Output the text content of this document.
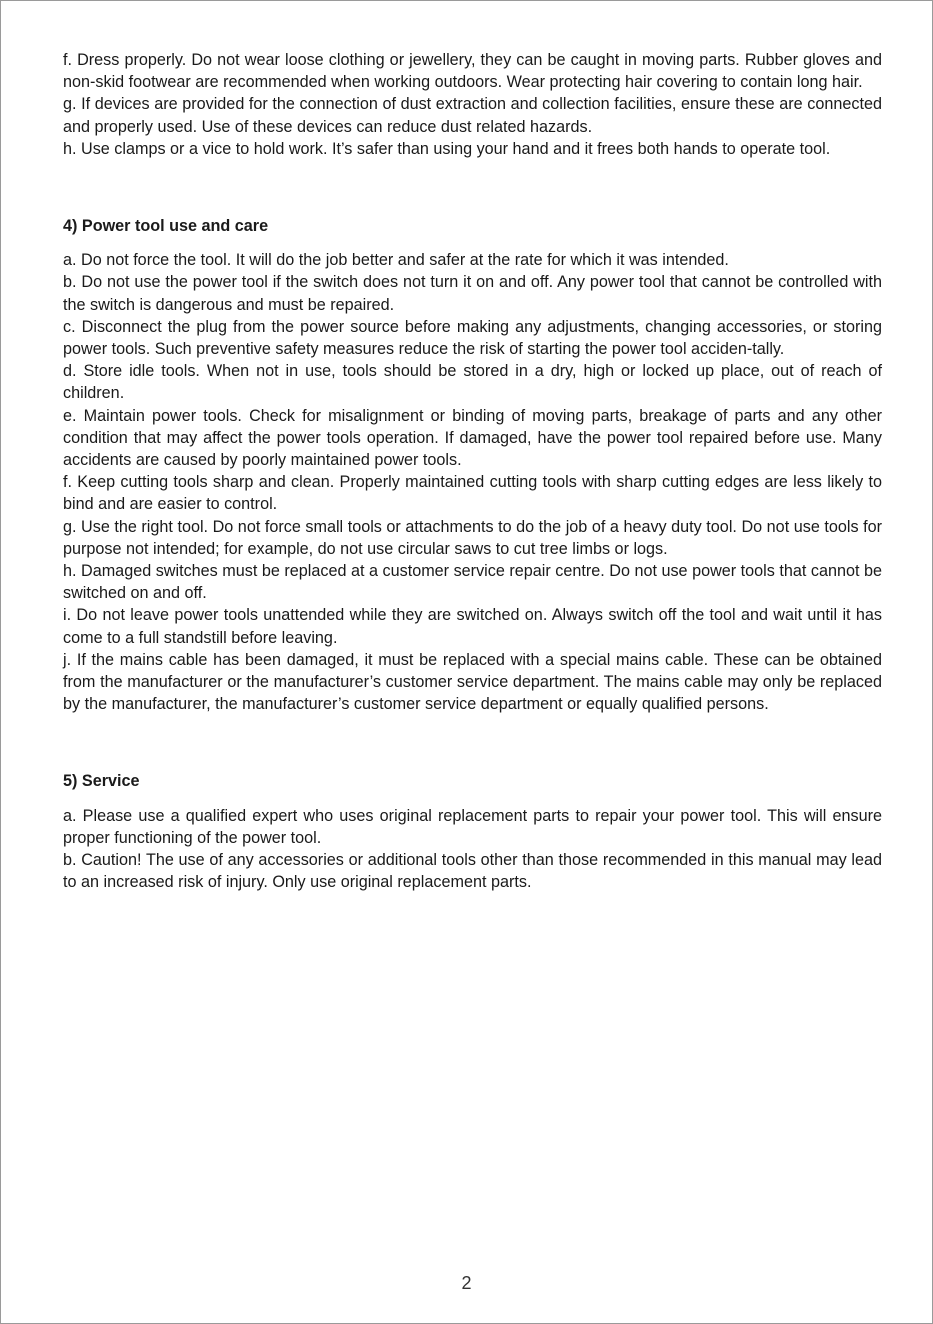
f. Dress properly. Do not wear loose clothing or jewellery, they can be caught in moving parts. Rubber gloves and non-skid footwear are recommended when working outdoors. Wear protecting hair covering to contain long hair.

g. If devices are provided for the connection of dust extraction and collection facilities, ensure these are connected and properly used. Use of these devices can reduce dust related hazards.

h. Use clamps or a vice to hold work. It’s safer than using your hand and it frees both hands to operate tool.

4) Power tool use and care

a. Do not force the tool. It will do the job better and safer at the rate for which it was intended.

b. Do not use the power tool if the switch does not turn it on and off. Any power tool that cannot be controlled with the switch is dangerous and must be repaired.

c. Disconnect the plug from the power source before making any adjustments, changing accessories, or storing power tools. Such preventive safety measures reduce the risk of starting the power tool acciden-tally.

d. Store idle tools. When not in use, tools should be stored in a dry, high or locked up place, out of reach of children.

e. Maintain power tools. Check for misalignment or binding of moving parts, breakage of parts and any other condition that may affect the power tools operation. If damaged, have the power tool repaired before use. Many accidents are caused by poorly maintained power tools.

f. Keep cutting tools sharp and clean. Properly maintained cutting tools with sharp cutting edges are less likely to bind and are easier to control.

g. Use the right tool. Do not force small tools or attachments to do the job of a heavy duty tool. Do not use tools for purpose not intended; for example, do not use circular saws to cut tree limbs or logs.

h. Damaged switches must be replaced at a customer service repair centre. Do not use power tools that cannot be switched on and off.

i. Do not leave power tools unattended while they are switched on. Always switch off the tool and wait until it has come to a full standstill before leaving.

j. If the mains cable has been damaged, it must be replaced with a special mains cable. These can be obtained from the manufacturer or the manufacturer’s customer service department. The mains cable may only be replaced by the manufacturer, the manufacturer’s customer service department or equally qualified persons.

5) Service

a. Please use a qualified expert who uses original replacement parts to repair your power tool. This will ensure proper functioning of the power tool.

b. Caution! The use of any accessories or additional tools other than those recommended in this manual may lead to an increased risk of injury. Only use original replacement parts.

2
